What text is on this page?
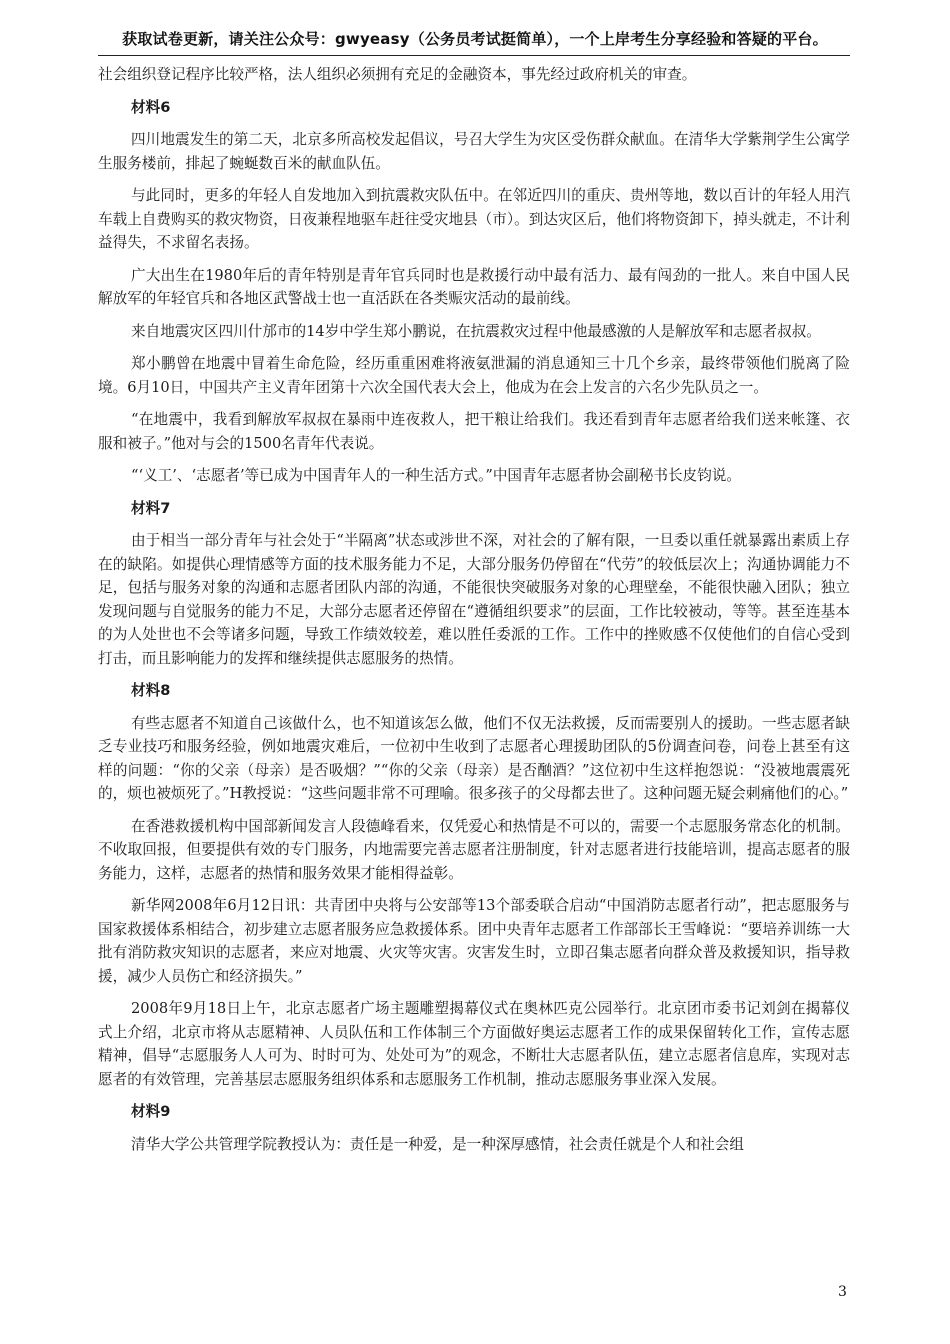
获取试卷更新，请关注公众号：gwyeasy（公务员考试挺简单），一个上岸考生分享经验和答疑的平台。

社会组织登记程序比较严格，法人组织必须拥有充足的金融资本，事先经过政府机关的审查。

材料6

四川地震发生的第二天，北京多所高校发起倡议，号召大学生为灾区受伤群众献血。在清华大学紫荆学生公寓学生服务楼前，排起了蜿蜒数百米的献血队伍。

与此同时，更多的年轻人自发地加入到抗震救灾队伍中。在邻近四川的重庆、贵州等地，数以百计的年轻人用汽车载上自费购买的救灾物资，日夜兼程地驱车赶往受灾地县（市）。到达灾区后，他们将物资卸下，掉头就走，不计利益得失，不求留名表扬。

广大出生在1980年后的青年特别是青年官兵同时也是救援行动中最有活力、最有闯劲的一批人。来自中国人民解放军的年轻官兵和各地区武警战士也一直活跃在各类赈灾活动的最前线。

来自地震灾区四川什邡市的14岁中学生郑小鹏说，在抗震救灾过程中他最感激的人是解放军和志愿者叔叔。

郑小鹏曾在地震中冒着生命危险，经历重重困难将液氨泄漏的消息通知三十几个乡亲，最终带领他们脱离了险境。6月10日，中国共产主义青年团第十六次全国代表大会上，他成为在会上发言的六名少先队员之一。

“在地震中，我看到解放军叔叔在暴雨中连夜救人，把干粮让给我们。我还看到青年志愿者给我们送来帐篷、衣服和被子。”他对与会的1500名青年代表说。

“‘义工’、‘志愿者’等已成为中国青年人的一种生活方式。”中国青年志愿者协会副秘书长皮钧说。

材料7

由于相当一部分青年与社会处于“半隔离”状态或涉世不深，对社会的了解有限，一旦委以重任就暴露出素质上存在的缺陷。如提供心理情感等方面的技术服务能力不足，大部分服务仍停留在“代劳”的较低层次上；沟通协调能力不足，包括与服务对象的沟通和志愿者团队内部的沟通，不能很快突破服务对象的心理壁垒，不能很快融入团队；独立发现问题与自觉服务的能力不足，大部分志愿者还停留在“遵循组织要求”的层面，工作比较被动，等等。甚至连基本的为人处世也不会等诸多问题，导致工作绩效较差，难以胜任委派的工作。工作中的挫败感不仅使他们的自信心受到打击，而且影响能力的发挥和继续提供志愿服务的热情。

材料8

有些志愿者不知道自己该做什么，也不知道该怎么做，他们不仅无法救援，反而需要别人的援助。一些志愿者缺乏专业技巧和服务经验，例如地震灾难后，一位初中生收到了志愿者心理援助团队的5份调查问卷，问卷上甚至有这样的问题：“你的父亲（母亲）是否吸烟？”“你的父亲（母亲）是否酗酒？”这位初中生这样抱怨说：“没被地震震死的，烦也被烦死了。”H教授说：“这些问题非常不可理喻。很多孩子的父母都去世了。这种问题无疑会刺痛他们的心。”

在香港救援机构中国部新闻发言人段德峰看来，仅凭爱心和热情是不可以的，需要一个志愿服务常态化的机制。不收取回报，但要提供有效的专门服务，内地需要完善志愿者注册制度，针对志愿者进行技能培训，提高志愿者的服务能力，这样，志愿者的热情和服务效果才能相得益彰。

新华网2008年6月12日讯：共青团中央将与公安部等13个部委联合启动“中国消防志愿者行动”，把志愿服务与国家救援体系相结合，初步建立志愿者服务应急救援体系。团中央青年志愿者工作部部长王雪峰说：“要培养训练一大批有消防救灾知识的志愿者，来应对地震、火灾等灾害。灾害发生时，立即召集志愿者向群众普及救援知识，指导救援，减少人员伤亡和经济损失。”

2008年9月18日上午，北京志愿者广场主题雕塑揭幕仪式在奥林匹克公园举行。北京团市委书记刘剑在揭幕仪式上介绍，北京市将从志愿精神、人员队伍和工作体制三个方面做好奥运志愿者工作的成果保留转化工作，宣传志愿精神，倡导“志愿服务人人可为、时时可为、处处可为”的观念，不断壮大志愿者队伍，建立志愿者信息库，实现对志愿者的有效管理，完善基层志愿服务组织体系和志愿服务工作机制，推动志愿服务事业深入发展。

材料9

清华大学公共管理学院教授认为：责任是一种爱，是一种深厚感情，社会责任就是个人和社会组

3
